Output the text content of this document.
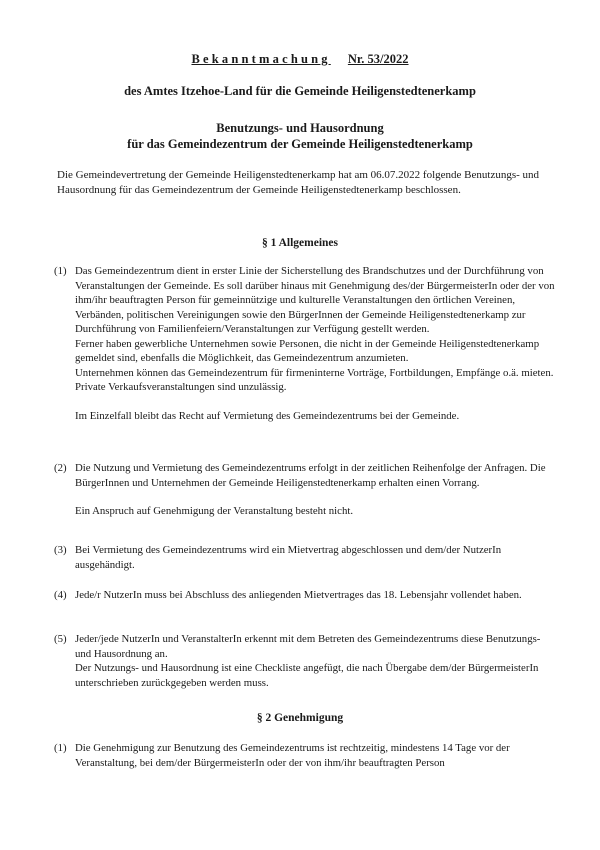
Bekanntmachung Nr. 53/2022
des Amtes Itzehoe-Land für die Gemeinde Heiligenstedtenerkamp
Benutzungs- und Hausordnung
für das Gemeindezentrum der Gemeinde Heiligenstedtenerkamp
Die Gemeindevertretung der Gemeinde Heiligenstedtenerkamp hat am 06.07.2022 folgende Benutzungs- und Hausordnung für das Gemeindezentrum der Gemeinde Heiligenstedtenerkamp beschlossen.
§ 1 Allgemeines
(1) Das Gemeindezentrum dient in erster Linie der Sicherstellung des Brandschutzes und der Durchführung von Veranstaltungen der Gemeinde. Es soll darüber hinaus mit Genehmigung des/der BürgermeisterIn oder der von ihm/ihr beauftragten Person für gemeinnützige und kulturelle Veranstaltungen den örtlichen Vereinen, Verbänden, politischen Vereinigungen sowie den BürgerInnen der Gemeinde Heiligenstedtenerkamp zur Durchführung von Familienfeiern/Veranstaltungen zur Verfügung gestellt werden.

Ferner haben gewerbliche Unternehmen sowie Personen, die nicht in der Gemeinde Heiligenstedtenerkamp gemeldet sind, ebenfalls die Möglichkeit, das Gemeindezentrum anzumieten.

Unternehmen können das Gemeindezentrum für firmeninterne Vorträge, Fortbildungen, Empfänge o.ä. mieten. Private Verkaufsveranstaltungen sind unzulässig.

Im Einzelfall bleibt das Recht auf Vermietung des Gemeindezentrums bei der Gemeinde.

(2) Die Nutzung und Vermietung des Gemeindezentrums erfolgt in der zeitlichen Reihenfolge der Anfragen. Die BürgerInnen und Unternehmen der Gemeinde Heiligenstedtenerkamp erhalten einen Vorrang.

Ein Anspruch auf Genehmigung der Veranstaltung besteht nicht.

(3) Bei Vermietung des Gemeindezentrums wird ein Mietvertrag abgeschlossen und dem/der NutzerIn ausgehändigt.

(4) Jede/r NutzerIn muss bei Abschluss des anliegenden Mietvertrages das 18. Lebensjahr vollendet haben.

(5) Jeder/jede NutzerIn und VeranstalterIn erkennt mit dem Betreten des Gemeindezentrums diese Benutzungs- und Hausordnung an.

Der Nutzungs- und Hausordnung ist eine Checkliste angefügt, die nach Übergabe dem/der BürgermeisterIn unterschrieben zurückgegeben werden muss.

§ 2 Genehmigung
(1) Die Genehmigung zur Benutzung des Gemeindezentrums ist rechtzeitig, mindestens 14 Tage vor der Veranstaltung, bei dem/der BürgermeisterIn oder der von ihm/ihr beauftragten Person
